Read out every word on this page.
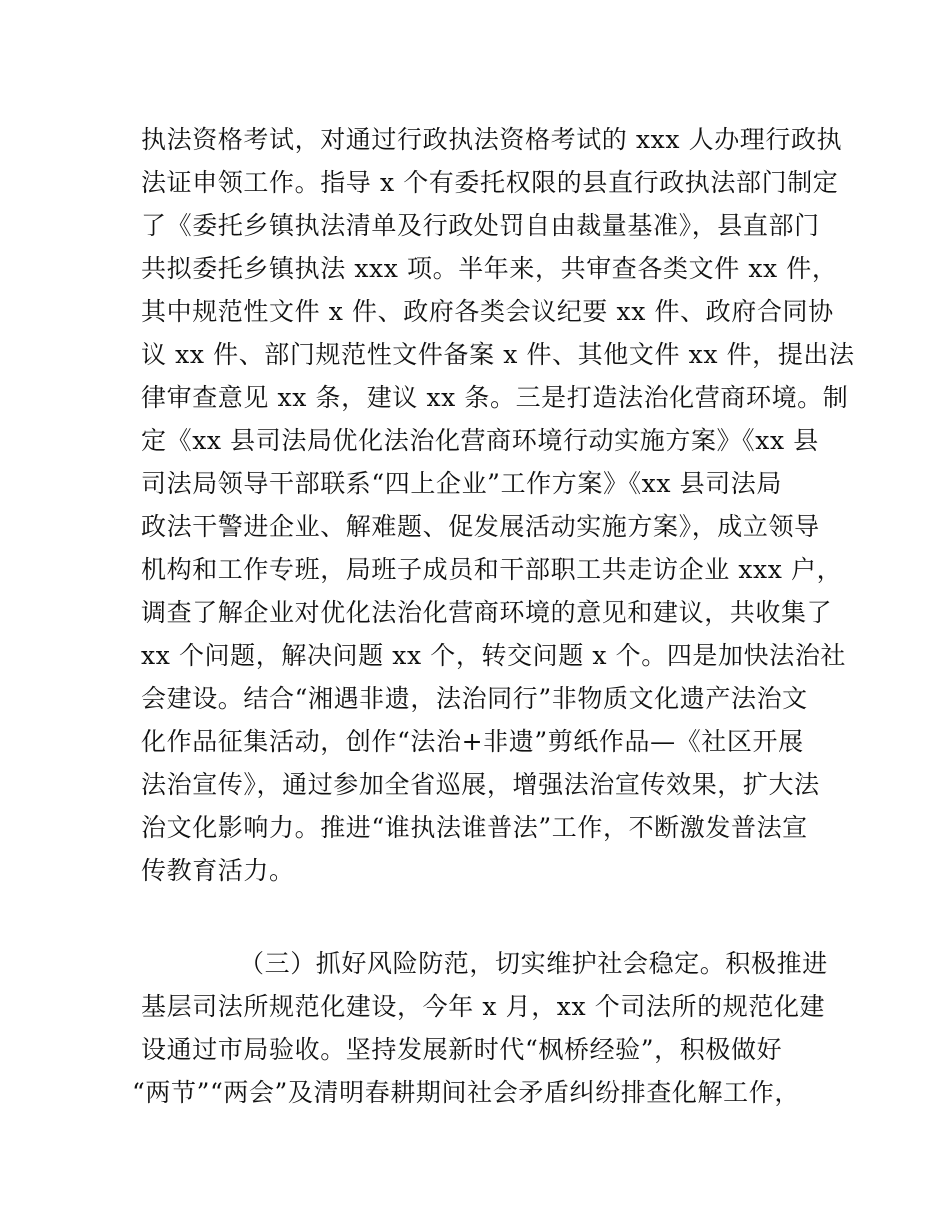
执法资格考试，对通过行政执法资格考试的 xxx 人办理行政执
法证申领工作。指导 x 个有委托权限的县直行政执法部门制定
了《委托乡镇执法清单及行政处罚自由裁量基准》，县直部门
共拟委托乡镇执法 xxx 项。半年来，共审查各类文件 xx 件，
其中规范性文件 x 件、政府各类会议纪要 xx 件、政府合同协
议 xx 件、部门规范性文件备案 x 件、其他文件 xx 件，提出法
律审查意见 xx 条，建议 xx 条。三是打造法治化营商环境。制
定《xx 县司法局优化法治化营商环境行动实施方案》《xx 县
司法局领导干部联系“四上企业”工作方案》《xx 县司法局
政法干警进企业、解难题、促发展活动实施方案》，成立领导
机构和工作专班，局班子成员和干部职工共走访企业 xxx 户，
调查了解企业对优化法治化营商环境的意见和建议，共收集了
xx 个问题，解决问题 xx 个，转交问题 x 个。四是加快法治社
会建设。结合“湘遇非遗，法治同行”非物质文化遗产法治文
化作品征集活动，创作“法治+非遗”剪纸作品—《社区开展
法治宣传》，通过参加全省巡展，增强法治宣传效果，扩大法
治文化影响力。推进“谁执法谁普法”工作，不断激发普法宣
传教育活力。
（三）抓好风险防范，切实维护社会稳定。积极推进
基层司法所规范化建设，今年 x 月，xx 个司法所的规范化建
设通过市局验收。坚持发展新时代“枫桥经验”，积极做好
“两节”“两会”及清明春耕期间社会矛盾纠纷排查化解工作，
